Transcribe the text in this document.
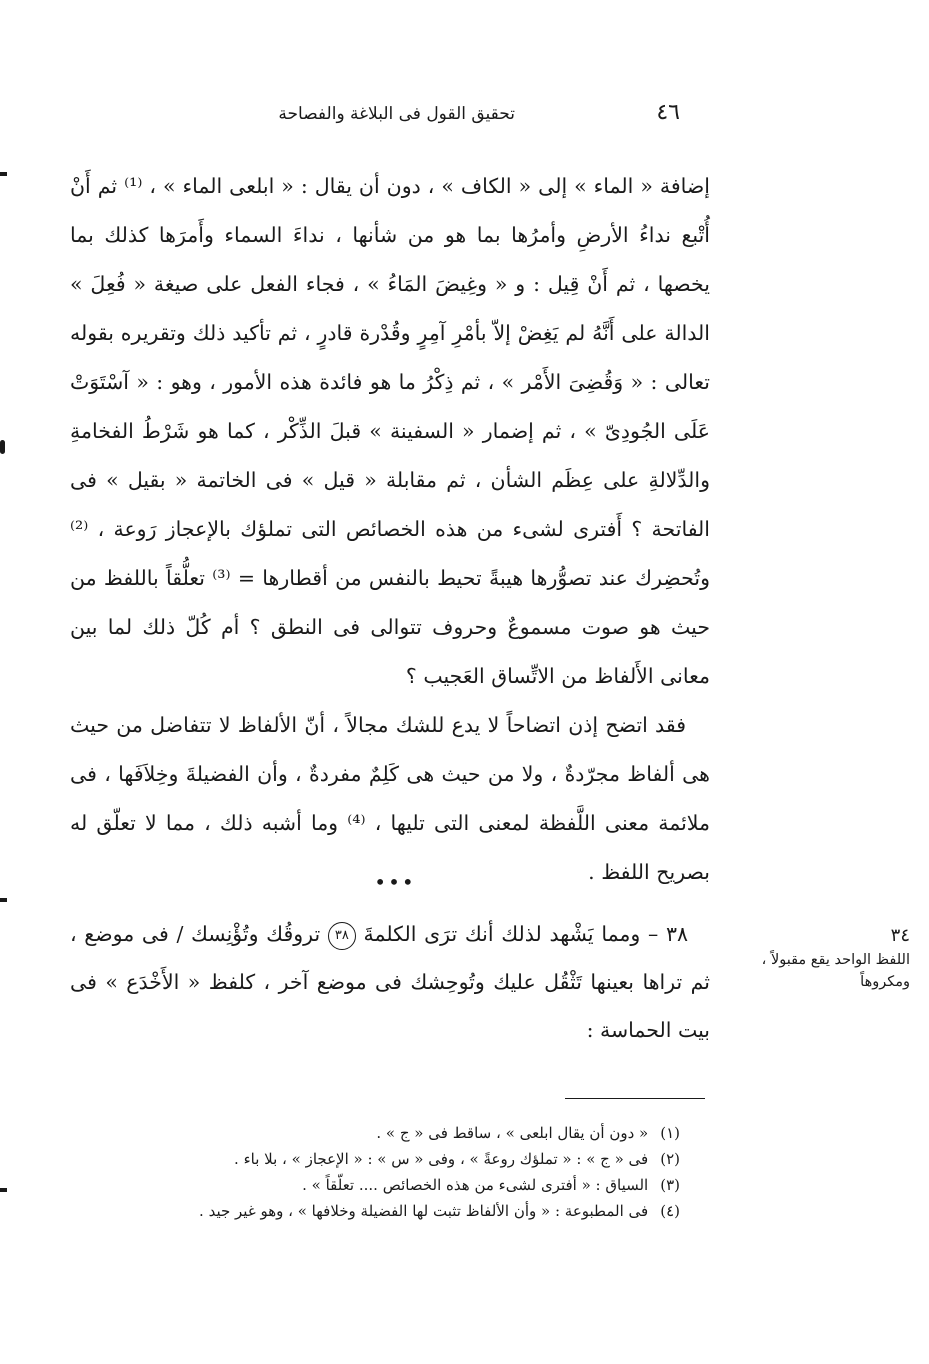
٤٦
تحقيق القول فى البلاغة والفصاحة

إضافة « الماء » إلى « الكاف » ، دون أن يقال : « ابلعى الماء » ، ⁽¹⁾ ثم أَنْ أُتْبع نداءُ الأرضِ وأمرُها بما هو من شأنها ، نداءَ السماء وأَمرَها كذلك بما يخصها ، ثم أَنْ قِيل : و « وغِيضَ المَاءُ » ، فجاء الفعل على صيغة « فُعِلَ » الدالة على أَنَّهُ لم يَغِضْ إلاّ بأمْرِ آمِرٍ وقُدْرة قادرٍ ، ثم تأكيد ذلك وتقريره بقوله تعالى : « وَقُضِىَ الأَمْر » ، ثم ذِكْرُ ما هو فائدة هذه الأمور ، وهو : « آسْتَوَتْ عَلَى الجُودِىّ » ، ثم إضمار « السفينة » قبلَ الذِّكْر ، كما هو شَرْطُ الفخامةِ والدِّلالةِ على عِظَم الشأن ، ثم مقابلة « قيل » فى الخاتمة « بقيل » فى الفاتحة ؟ أَفترى لشىء من هذه الخصائص التى تملؤك بالإعجاز رَوعة ، ⁽²⁾ وتُحضِرك عند تصوُّرها هيبةً تحيط بالنفس من أقطارها = ⁽³⁾ تعلُّقاً باللفظ من حيث هو صوت مسموعٌ وحروف تتوالى فى النطق ؟ أم كُلّ ذلك لما بين معانى الأَلفاظ من الاتِّساق العَجيب ؟

فقد اتضح إذن اتضاحاً لا يدع للشك مجالاً ، أنّ الألفاظ لا تتفاضل من حيث هى ألفاظ مجرّدةٌ ، ولا من حيث هى كَلِمٌ مفردةٌ ، وأن الفضيلةَ وخِلاَفَها ، فى ملائمة معنى اللَّفظة لمعنى التى تليها ، ⁽⁴⁾ وما أشبه ذلك ، مما لا تعلّق له بصريح اللفظ .

•••

٣٨ – ومما يَشْهد لذلك أنك ترَى الكلمةَ ٣٨ تروقُك وتُؤْنِسك / فى موضع ، ثم تراها بعينها تَثْقُل عليك وتُوحِشك فى موضع آخر ، كلفظ « الأَخْدَع » فى بيت الحماسة :

٣٤
اللفظ الواحد يقع مقبولاً ، ومكروهاً
(١)« دون أن يقال ابلعى » ، ساقط فى « ج » .
(٢)فى « ج » : « تملؤك روعةً » ، وفى « س » : « الإعجاز » ، بلا باء .
(٣)السياق : « أفترى لشىء من هذه الخصائص .... تعلّقاً » .
(٤)فى المطبوعة : « وأن الألفاظ تثبت لها الفضيلة وخلافها » ، وهو غير جيد .
